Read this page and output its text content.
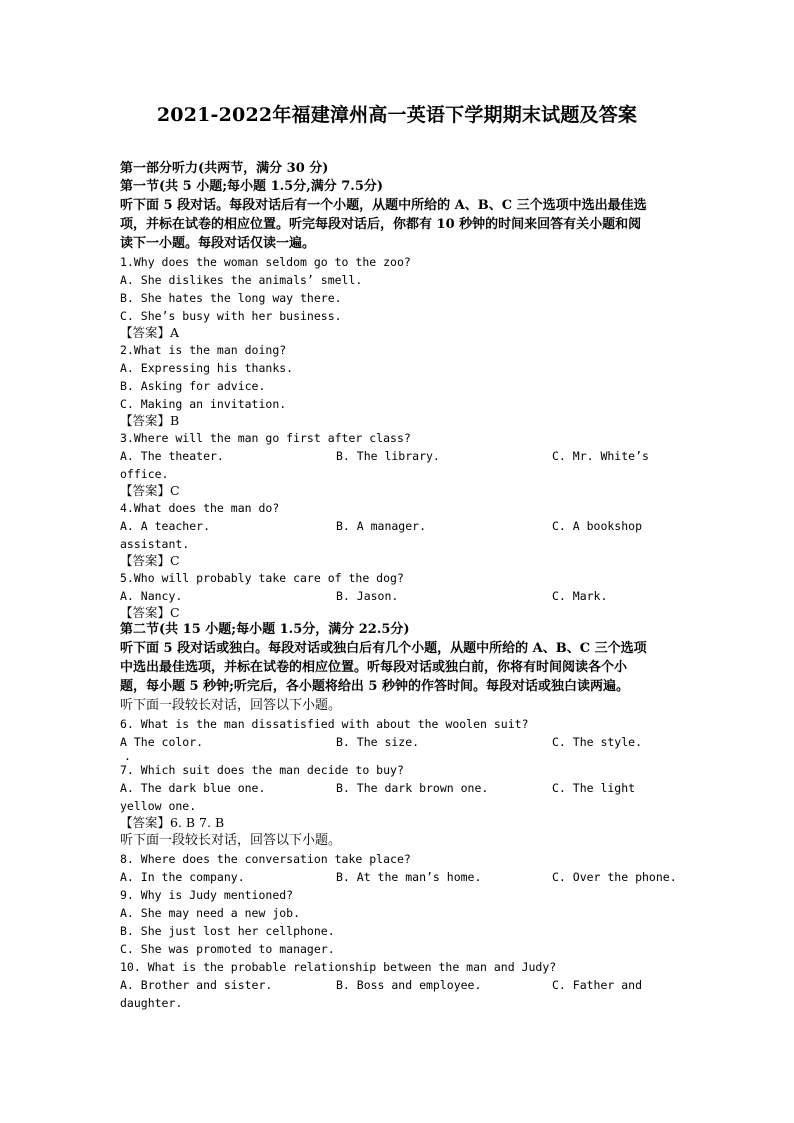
2021-2022年福建漳州高一英语下学期期末试题及答案
第一部分听力(共两节，满分 30 分)
第一节(共 5 小题;每小题 1.5分,满分 7.5分)
听下面 5 段对话。每段对话后有一个小题，从题中所给的 A、B、C 三个选项中选出最佳选
项，并标在试卷的相应位置。听完每段对话后，你都有 10 秒钟的时间来回答有关小题和阅
读下一小题。每段对话仅读一遍。
1.Why does the woman seldom go to the zoo?
A. She dislikes the animals’ smell.
B. She hates the long way there.
C. She’s busy with her business.
【答案】A
2.What is the man doing?
A. Expressing his thanks.
B. Asking for advice.
C. Making an invitation.
【答案】B
3.Where will the man go first after class?

A. The theater.

	B. The library.

	C. Mr. White’s

office.
【答案】C
4.What does the man do?

A. A teacher.

	B. A manager.

	C. A bookshop

assistant.
【答案】C
5.Who will probably take care of the dog?

A. Nancy.

	B. Jason.

	C. Mark.

【答案】C
第二节(共 15 小题;每小题 1.5分，满分 22.5分)
听下面 5 段对话或独白。每段对话或独白后有几个小题，从题中所给的 A、B、C 三个选项
中选出最佳选项，并标在试卷的相应位置。听每段对话或独白前，你将有时间阅读各个小
题，每小题 5 秒钟;听完后，各小题将给出 5 秒钟的作答时间。每段对话或独白读两遍。
听下面一段较长对话，回答以下小题。
6. What is the man dissatisfied with about the woolen suit?

A The color.

	B. The size.

	C. The style.

.
7. Which suit does the man decide to buy?

A. The dark blue one.

	B. The dark brown one.

	C. The light

yellow one.
【答案】6. B 7. B
听下面一段较长对话，回答以下小题。
8. Where does the conversation take place?

A. In the company.

	B. At the man’s home.

	C. Over the phone.

9. Why is Judy mentioned?
A. She may need a new job.
B. She just lost her cellphone.
C. She was promoted to manager.
10. What is the probable relationship between the man and Judy?

A. Brother and sister.

	B. Boss and employee.

	C. Father and

daughter.
